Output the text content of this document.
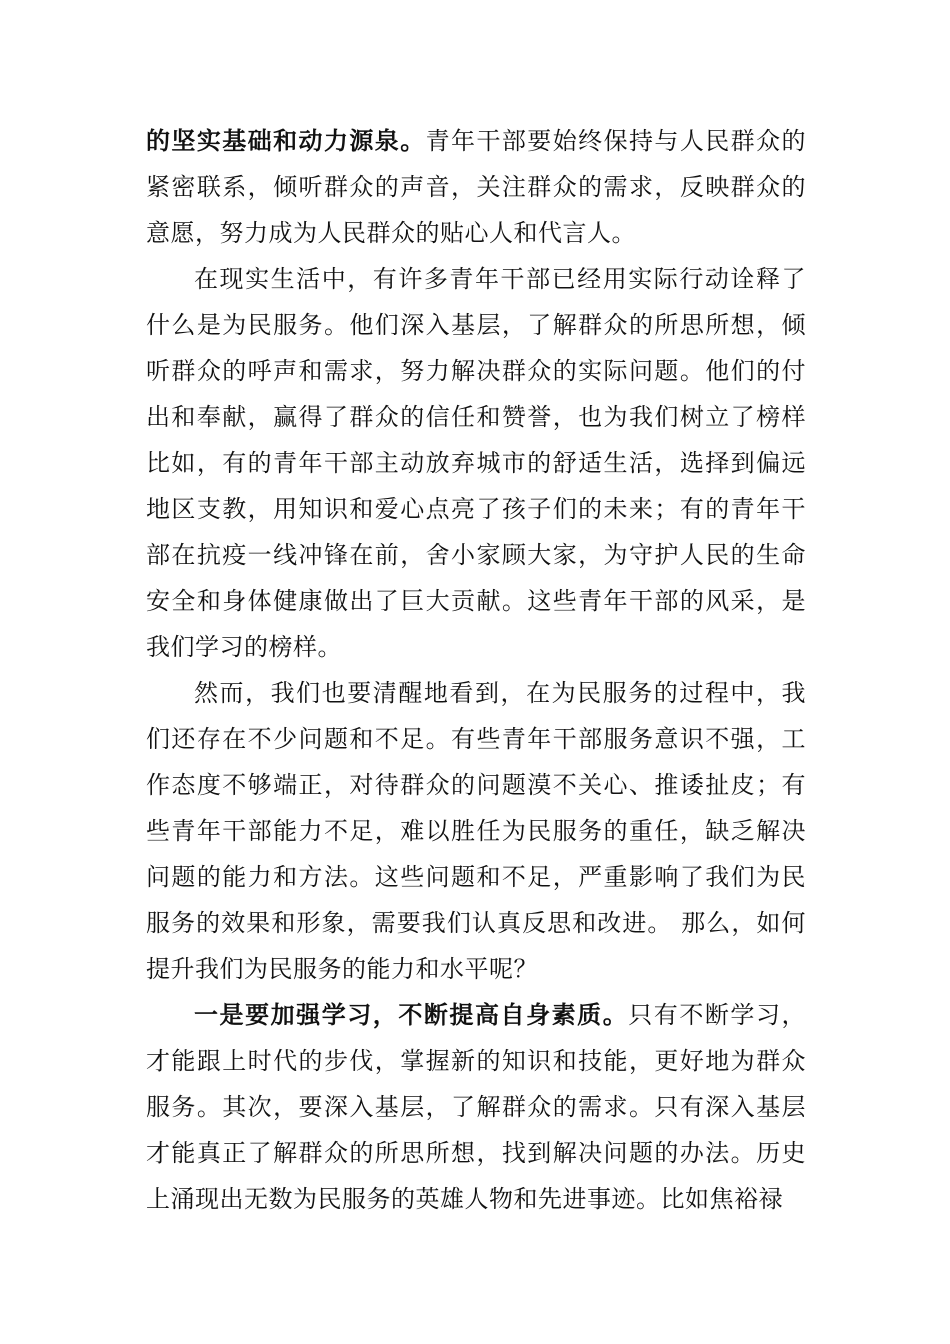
的坚实基础和动力源泉。青年干部要始终保持与人民群众的紧密联系，倾听群众的声音，关注群众的需求，反映群众的意愿，努力成为人民群众的贴心人和代言人。

在现实生活中，有许多青年干部已经用实际行动诠释了什么是为民服务。他们深入基层，了解群众的所思所想，倾听群众的呼声和需求，努力解决群众的实际问题。他们的付出和奉献，赢得了群众的信任和赞誉，也为我们树立了榜样比如，有的青年干部主动放弃城市的舒适生活，选择到偏远地区支教，用知识和爱心点亮了孩子们的未来；有的青年干部在抗疫一线冲锋在前，舍小家顾大家，为守护人民的生命安全和身体健康做出了巨大贡献。这些青年干部的风采，是我们学习的榜样。

然而，我们也要清醒地看到，在为民服务的过程中，我们还存在不少问题和不足。有些青年干部服务意识不强，工作态度不够端正，对待群众的问题漠不关心、推诿扯皮；有些青年干部能力不足，难以胜任为民服务的重任，缺乏解决问题的能力和方法。这些问题和不足，严重影响了我们为民服务的效果和形象，需要我们认真反思和改进。 那么，如何提升我们为民服务的能力和水平呢？

一是要加强学习，不断提高自身素质。只有不断学习，才能跟上时代的步伐，掌握新的知识和技能，更好地为群众服务。其次，要深入基层，了解群众的需求。只有深入基层才能真正了解群众的所思所想，找到解决问题的办法。历史上涌现出无数为民服务的英雄人物和先进事迹。比如焦裕禄
